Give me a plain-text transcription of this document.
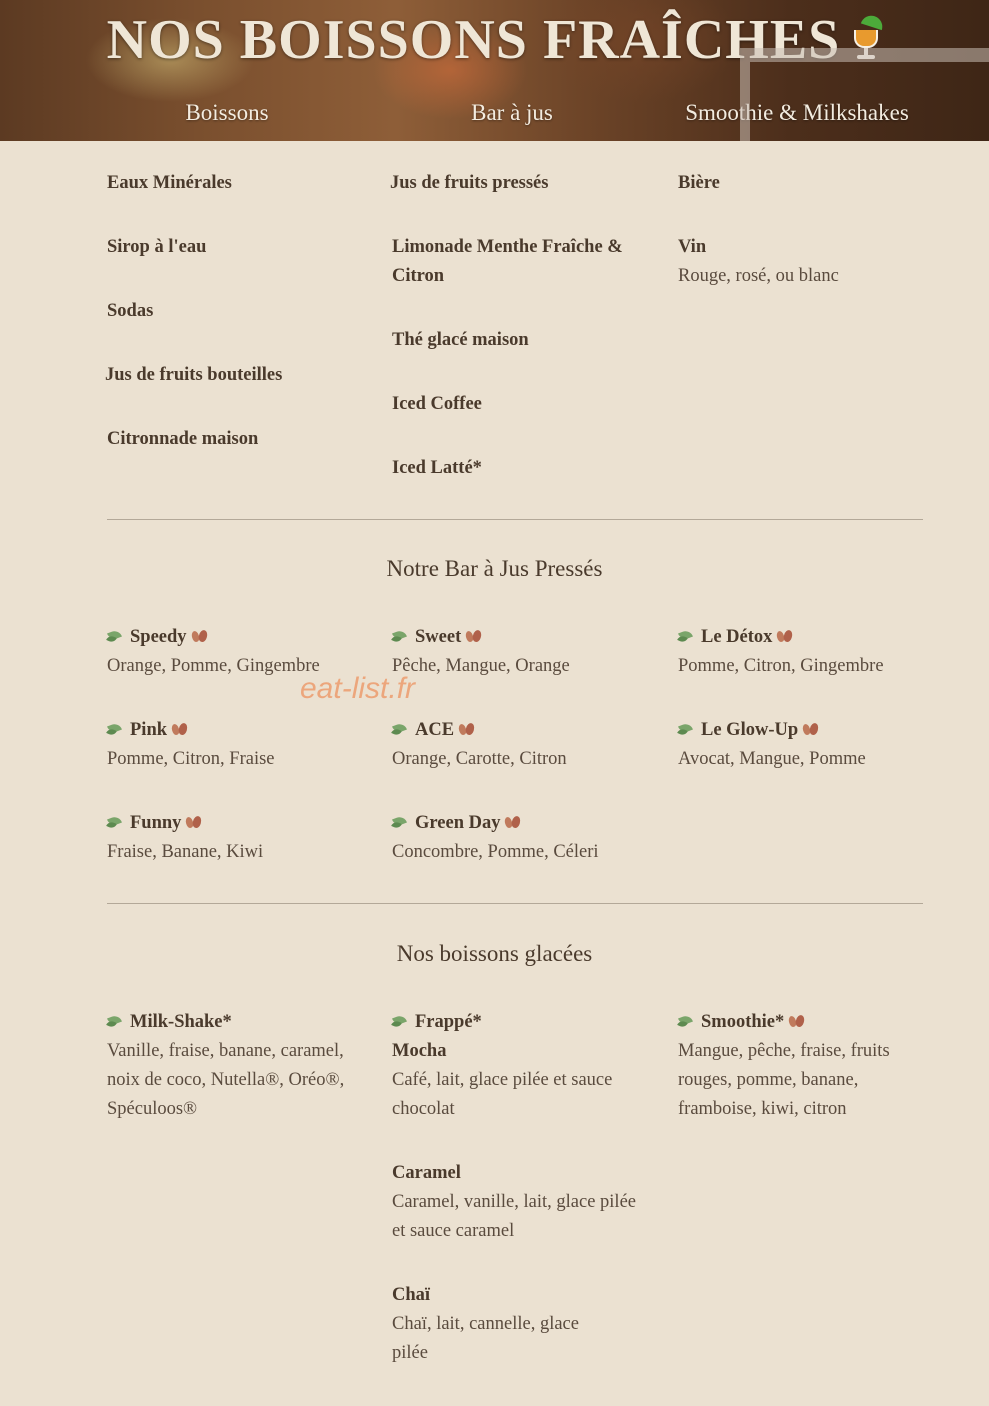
NOS BOISSONS FRAÎCHES
Boissons	Bar à jus	Smoothie & Milkshakes
Eaux Minérales
Sirop à l'eau
Sodas
Jus de fruits bouteilles
Citronnade maison
Jus de fruits pressés
Limonade Menthe Fraîche & Citron
Thé glacé maison
Iced Coffee
Iced Latté*
Bière
Vin
Rouge, rosé, ou blanc
Notre Bar à Jus Pressés
Speedy
Orange, Pomme, Gingembre
Sweet
Pêche, Mangue, Orange
Le Détox
Pomme, Citron, Gingembre
Pink
Pomme, Citron, Fraise
ACE
Orange, Carotte, Citron
Le Glow-Up
Avocat, Mangue, Pomme
Funny
Fraise, Banane, Kiwi
Green Day
Concombre, Pomme, Céleri
eat-list.fr
Nos boissons glacées
Milk-Shake*
Vanille, fraise, banane, caramel, noix de coco, Nutella®, Oréo®, Spéculoos®
Frappé*
Mocha
Café, lait, glace pilée et sauce chocolat
Caramel
Caramel, vanille, lait, glace pilée et sauce caramel
Chaï
Chaï, lait, cannelle, glace pilée
Smoothie*
Mangue, pêche, fraise, fruits rouges, pomme, banane, framboise, kiwi, citron
